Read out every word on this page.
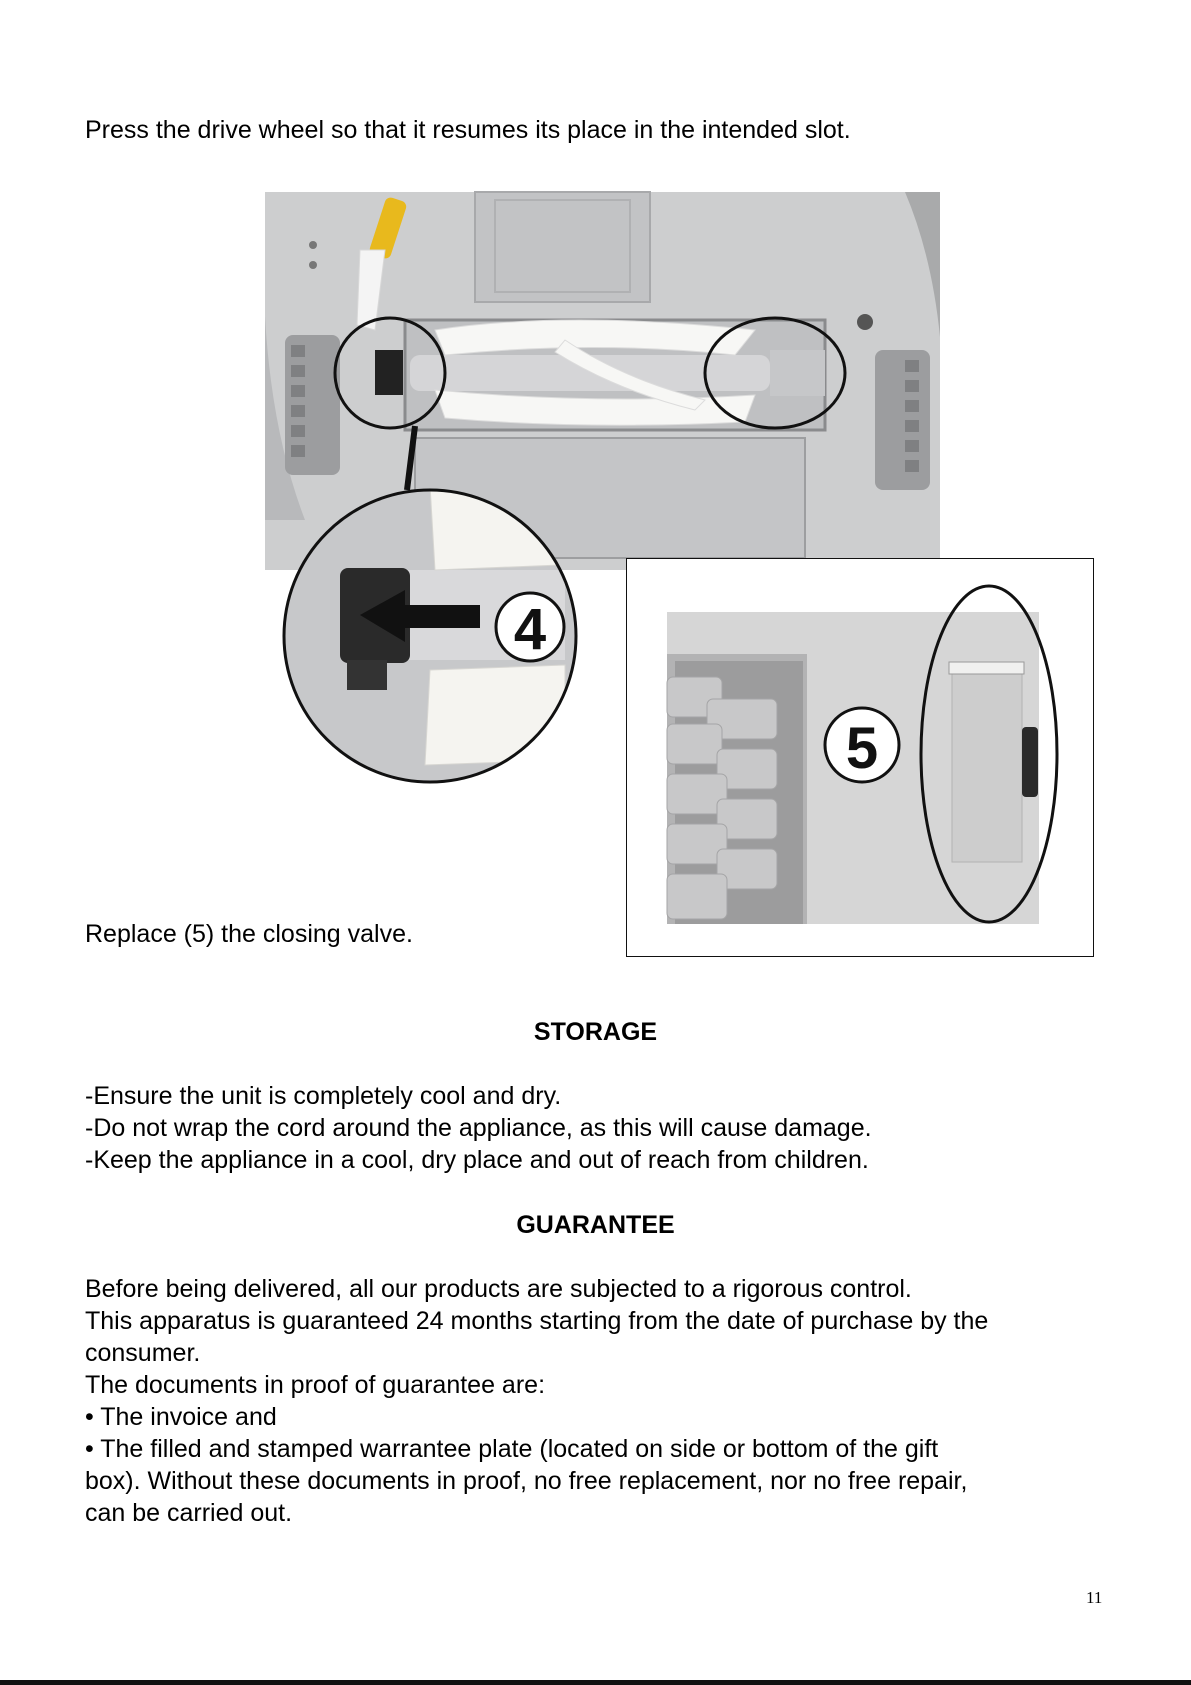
Press the drive wheel so that it resumes its place in the intended slot.
4
5
Replace (5) the closing valve.
STORAGE
-Ensure the unit is completely cool and dry.
-Do not wrap the cord around the appliance, as this will cause damage.
-Keep the appliance in a cool, dry place and out of reach from children.
GUARANTEE
Before being delivered, all our products are subjected to a rigorous control.
This apparatus is guaranteed 24 months starting from the date of purchase by the
consumer.
The documents in proof of guarantee are:
• The invoice and
• The filled and stamped warrantee plate (located on side or bottom of the gift
box). Without these documents in proof, no free replacement, nor no free repair,
can be carried out.
11
